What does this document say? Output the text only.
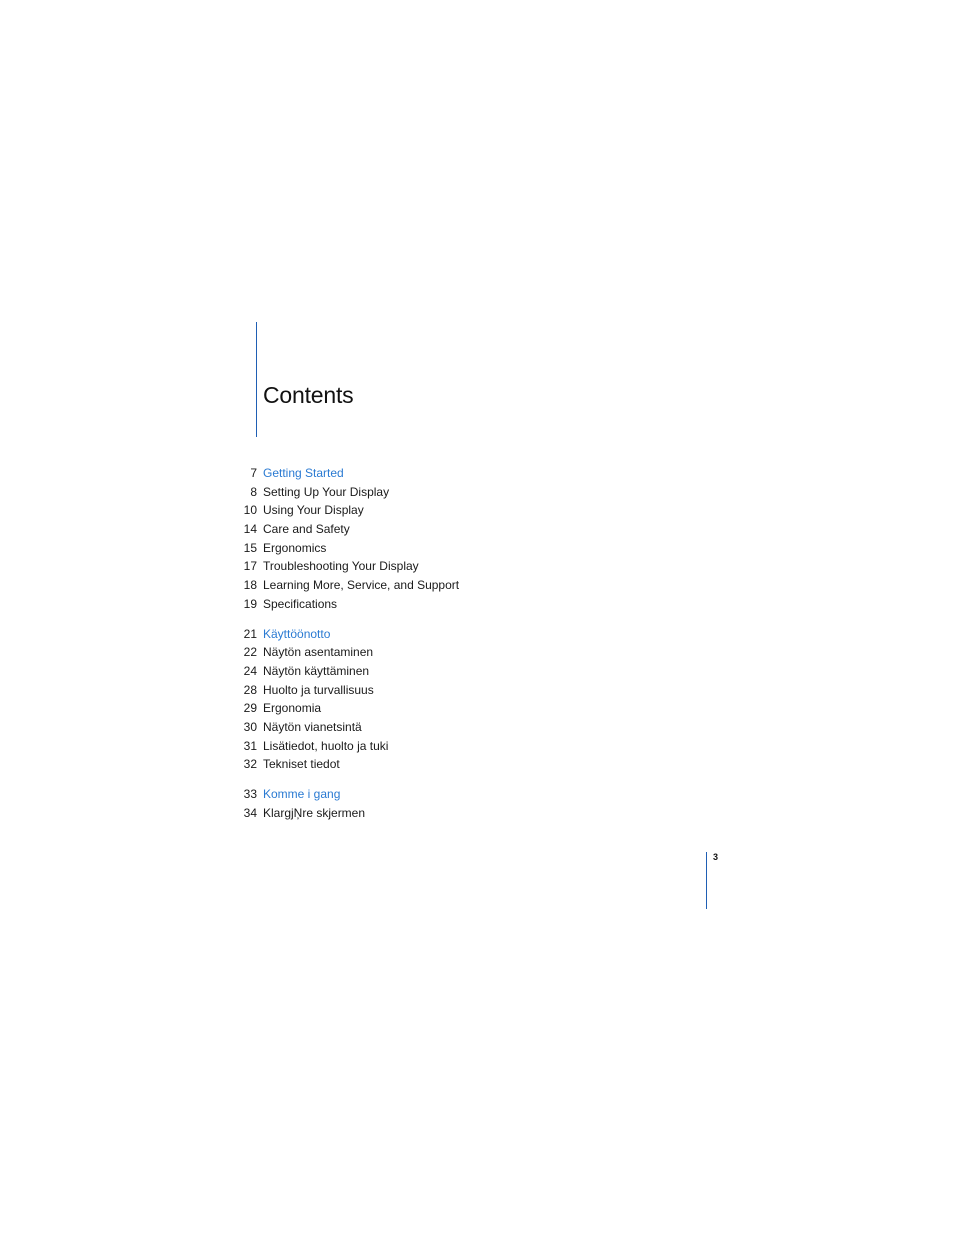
Contents
7 Getting Started
8 Setting Up Your Display
10 Using Your Display
14 Care and Safety
15 Ergonomics
17 Troubleshooting Your Display
18 Learning More, Service, and Support
19 Specifications
21 Käyttöönotto
22 Näytön asentaminen
24 Näytön käyttäminen
28 Huolto ja turvallisuus
29 Ergonomia
30 Näytön vianetsintä
31 Lisätiedot, huolto ja tuki
32 Tekniset tiedot
33 Komme i gang
34 KlargjŅre skjermen
3
